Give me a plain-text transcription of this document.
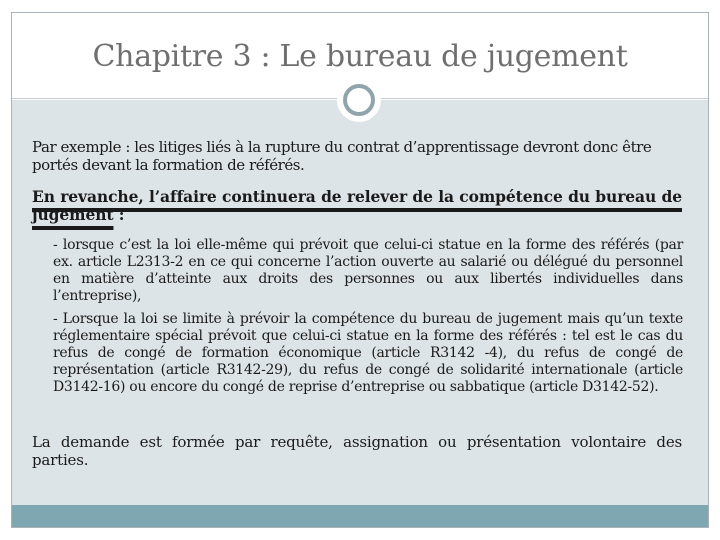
Chapitre 3 : Le bureau de jugement
Par exemple : les litiges liés à la rupture du contrat d’apprentissage devront donc être portés devant la formation de référés.
En revanche, l’affaire continuera de relever de la compétence du bureau de jugement :
- lorsque c’est la loi elle-même qui prévoit que celui-ci statue en la forme des référés (par ex. article L2313-2 en ce qui concerne l’action ouverte au salarié ou délégué du personnel en matière d’atteinte aux droits des personnes ou aux libertés individuelles dans l’entreprise),
- Lorsque la loi se limite à prévoir la compétence du bureau de jugement mais qu’un texte réglementaire spécial prévoit que celui-ci statue en la forme des référés : tel est le cas du refus de congé de formation économique (article R3142 -4), du refus de congé de représentation (article R3142-29), du refus de congé de solidarité internationale (article D3142-16) ou encore du congé de reprise d’entreprise ou sabbatique (article D3142-52).
La demande est formée par requête, assignation ou présentation volontaire des parties.
